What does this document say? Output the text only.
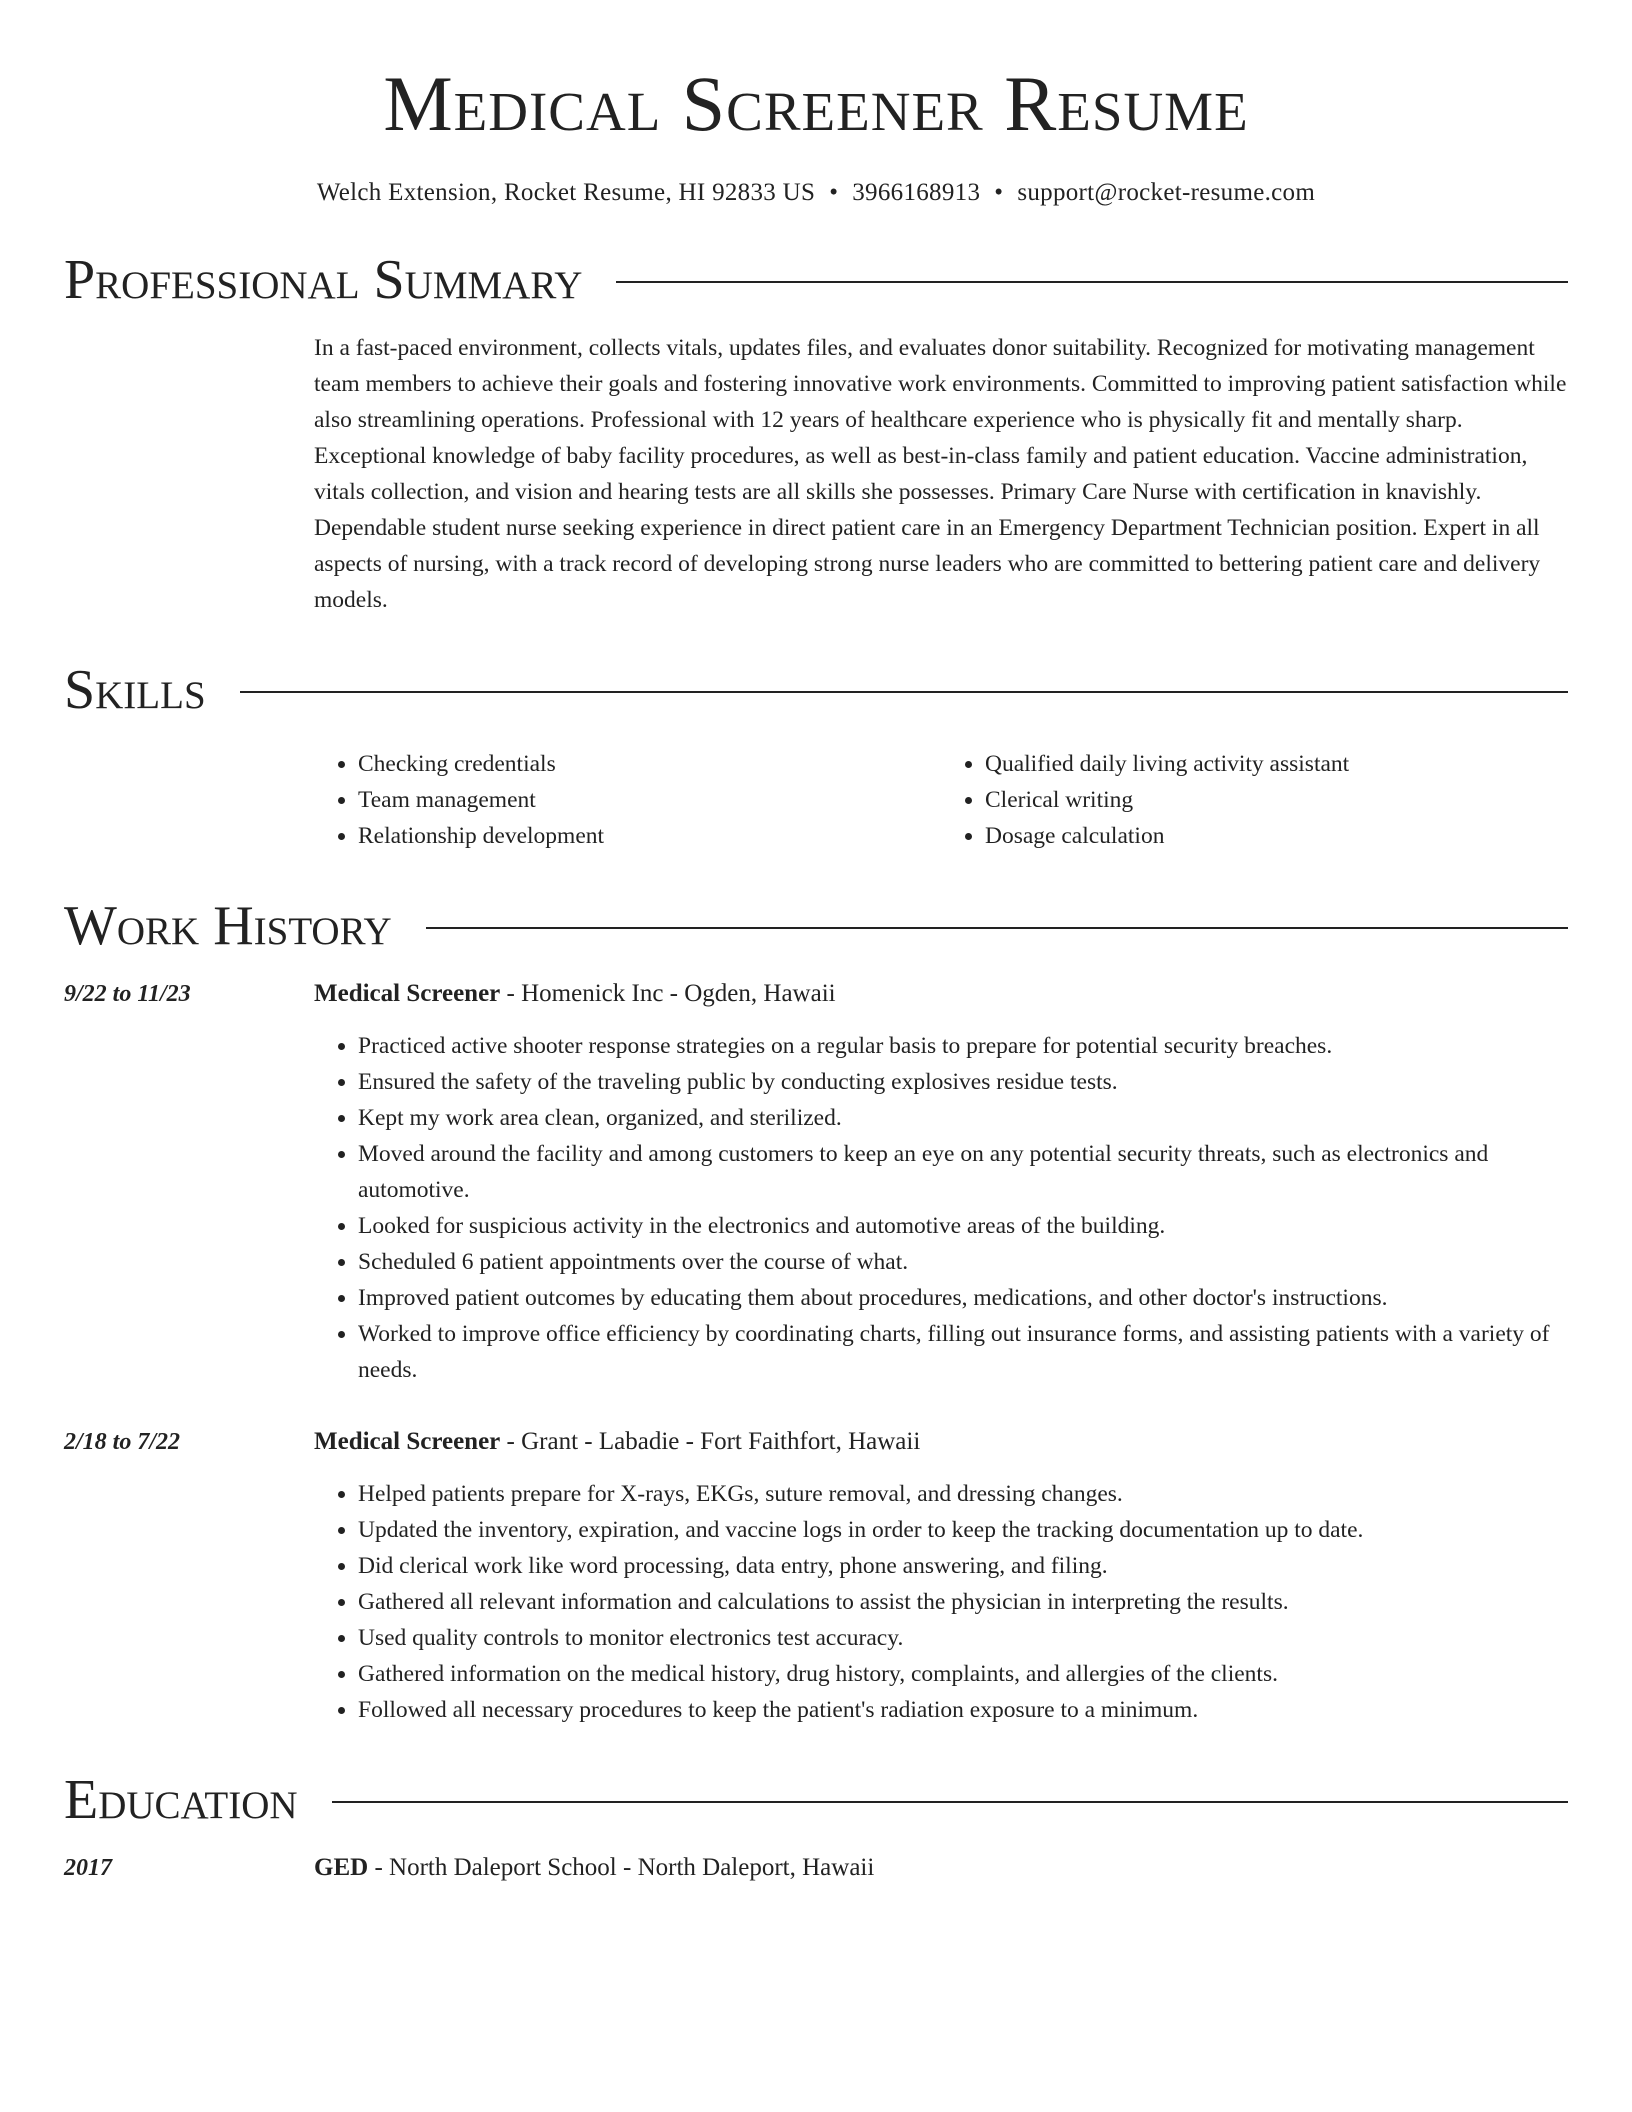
Medical Screener Resume
Welch Extension, Rocket Resume, HI 92833 US • 3966168913 • support@rocket-resume.com
Professional Summary
In a fast-paced environment, collects vitals, updates files, and evaluates donor suitability. Recognized for motivating management team members to achieve their goals and fostering innovative work environments. Committed to improving patient satisfaction while also streamlining operations. Professional with 12 years of healthcare experience who is physically fit and mentally sharp. Exceptional knowledge of baby facility procedures, as well as best-in-class family and patient education. Vaccine administration, vitals collection, and vision and hearing tests are all skills she possesses. Primary Care Nurse with certification in knavishly. Dependable student nurse seeking experience in direct patient care in an Emergency Department Technician position. Expert in all aspects of nursing, with a track record of developing strong nurse leaders who are committed to bettering patient care and delivery models.
Skills
• Checking credentials
• Team management
• Relationship development
• Qualified daily living activity assistant
• Clerical writing
• Dosage calculation
Work History
9/22 to 11/23	Medical Screener - Homenick Inc - Ogden, Hawaii
• Practiced active shooter response strategies on a regular basis to prepare for potential security breaches.
• Ensured the safety of the traveling public by conducting explosives residue tests.
• Kept my work area clean, organized, and sterilized.
• Moved around the facility and among customers to keep an eye on any potential security threats, such as electronics and automotive.
• Looked for suspicious activity in the electronics and automotive areas of the building.
• Scheduled 6 patient appointments over the course of what.
• Improved patient outcomes by educating them about procedures, medications, and other doctor's instructions.
• Worked to improve office efficiency by coordinating charts, filling out insurance forms, and assisting patients with a variety of needs.
2/18 to 7/22	Medical Screener - Grant - Labadie - Fort Faithfort, Hawaii
• Helped patients prepare for X-rays, EKGs, suture removal, and dressing changes.
• Updated the inventory, expiration, and vaccine logs in order to keep the tracking documentation up to date.
• Did clerical work like word processing, data entry, phone answering, and filing.
• Gathered all relevant information and calculations to assist the physician in interpreting the results.
• Used quality controls to monitor electronics test accuracy.
• Gathered information on the medical history, drug history, complaints, and allergies of the clients.
• Followed all necessary procedures to keep the patient's radiation exposure to a minimum.
Education
2017	GED - North Daleport School - North Daleport, Hawaii
